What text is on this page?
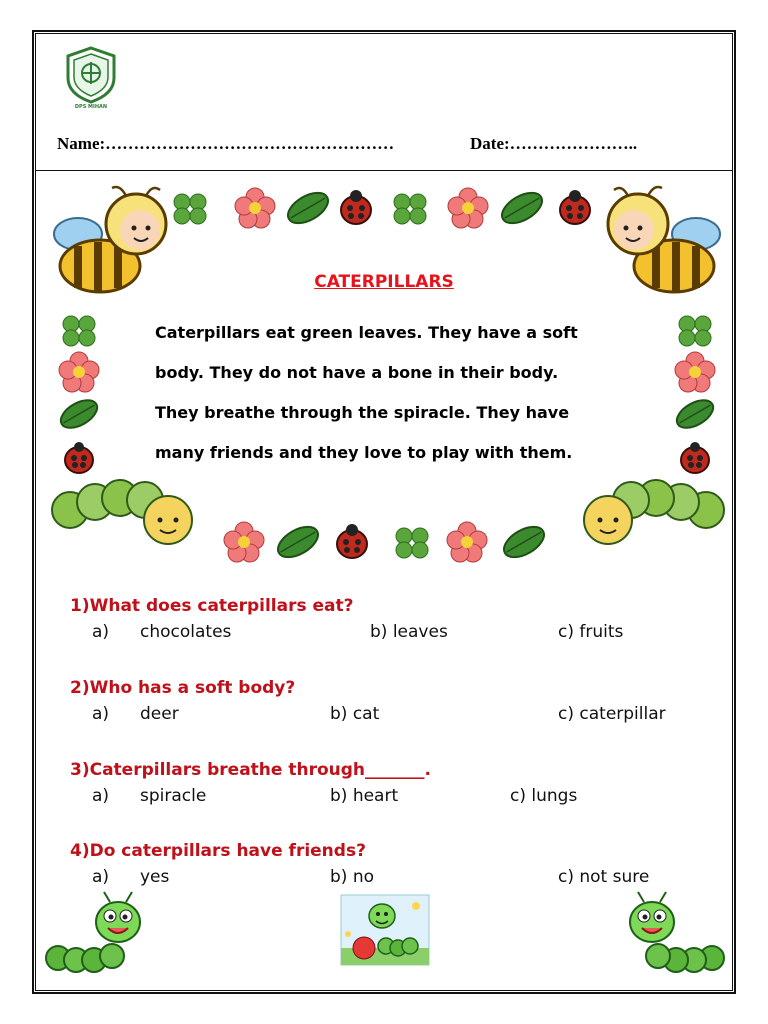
DPS MIHAN
Name:……………………………………………	Date:…………………..
CATERPILLARS
Caterpillars eat green leaves. They have a soft
body. They do not have a bone in their body.
They breathe through the spiracle. They have
many friends and they love to play with them.
1)What does caterpillars eat?
a) chocolates	b) leaves	c) fruits
2)Who has a soft body?
a) deer	b) cat	c) caterpillar
3)Caterpillars breathe through_______.
a) spiracle	b) heart	c) lungs
4)Do caterpillars have friends?
a) yes	b) no	c) not sure
